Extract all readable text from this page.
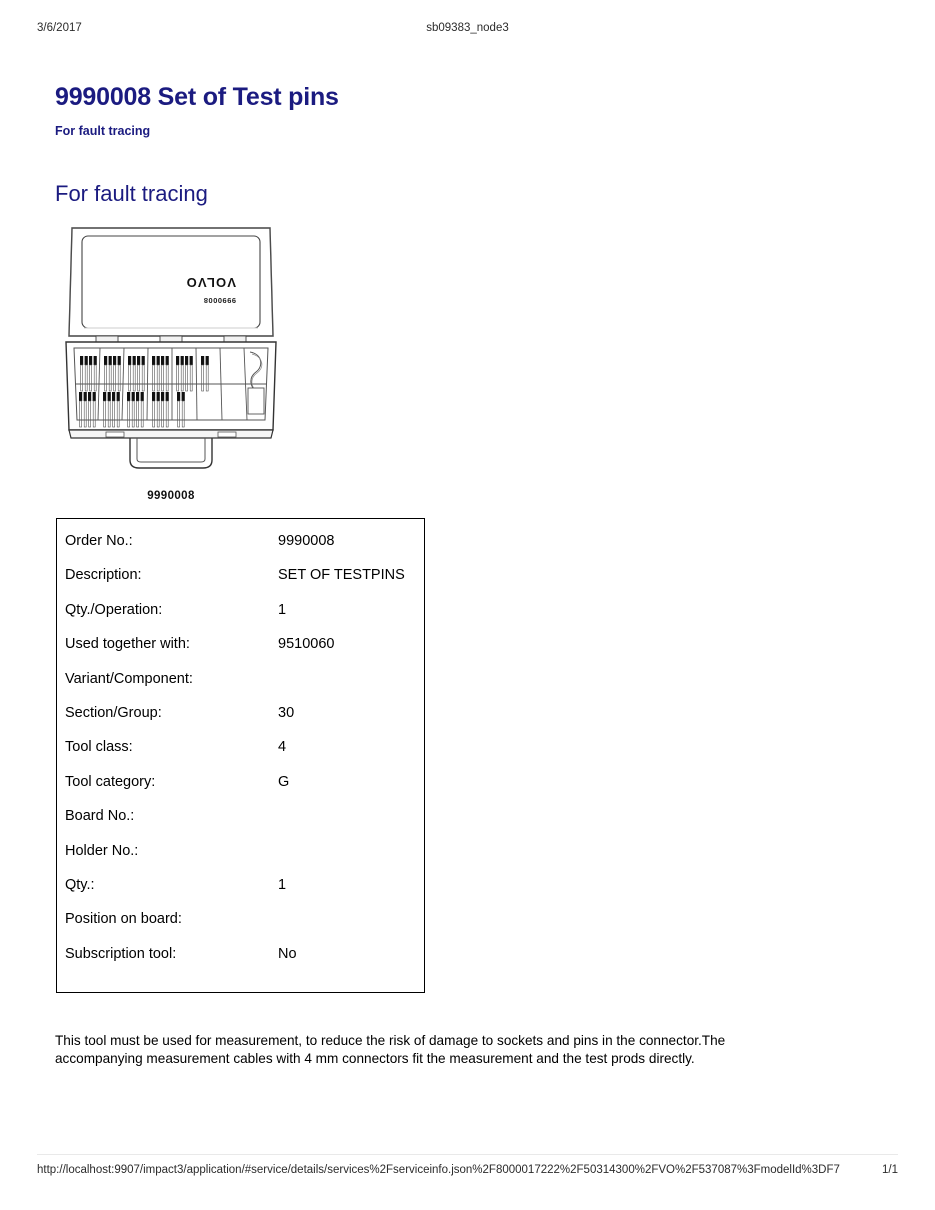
3/6/2017	sb09383_node3
9990008 Set of Test pins
For fault tracing
For fault tracing
VOLVO
9990008
9990008
Order No.:	9990008
Description:	SET OF TESTPINS
Qty./Operation:	1
Used together with:	9510060
Variant/Component:
Section/Group:	30
Tool class:	4
Tool category:	G
Board No.:
Holder No.:
Qty.:	1
Position on board:
Subscription tool:	No

This tool must be used for measurement, to reduce the risk of damage to sockets and pins in the connector.The accompanying measurement cables with 4 mm connectors fit the measurement and the test prods directly.

http://localhost:9907/impact3/application/#service/details/services%2Fserviceinfo.json%2F8000017222%2F50314300%2FVO%2F537087%3FmodelId%3DF7	1/1
